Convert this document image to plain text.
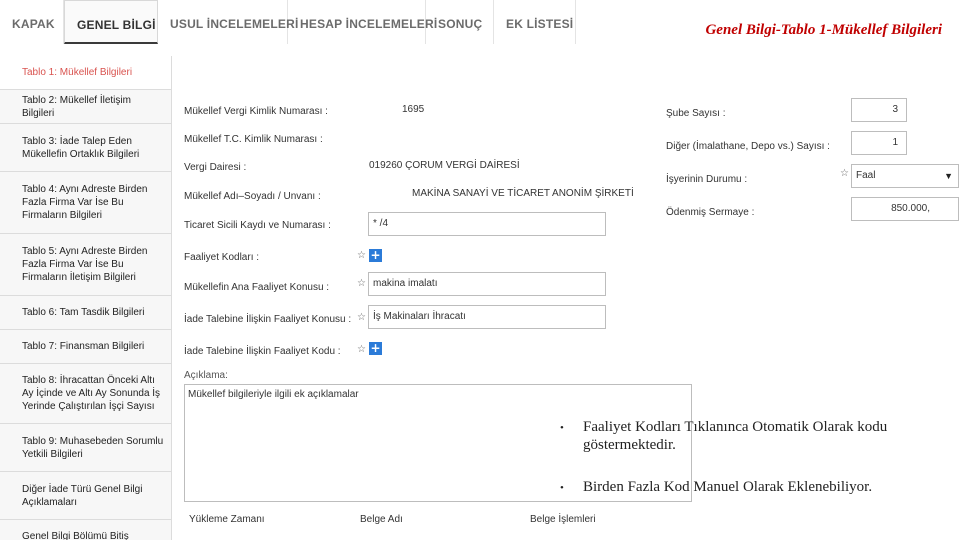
KAPAK	GENEL BİLGİ	USUL İNCELEMELERİ HESAP İNCELEMELERİ SONUÇ	EK LİSTESİ	Genel Bilgi-Tablo 1-Mükellef Bilgileri
Tablo 1: Mükellef Bilgileri
Tablo 2: Mükellef İletişim Bilgileri
Tablo 3: İade Talep Eden Mükellefin Ortaklık Bilgileri
Tablo 4: Aynı Adreste Birden Fazla Firma Var İse Bu Firmaların Bilgileri
Tablo 5: Aynı Adreste Birden Fazla Firma Var İse Bu Firmaların İletişim Bilgileri
Tablo 6: Tam Tasdik Bilgileri
Tablo 7: Finansman Bilgileri
Tablo 8: İhracattan Önceki Altı Ay İçinde ve Altı Ay Sonunda İş Yerinde Çalıştırılan İşçi Sayısı
Tablo 9: Muhasebeden Sorumlu Yetkili Bilgileri
Diğer İade Türü Genel Bilgi Açıklamaları
Genel Bilgi Bölümü Bitiş
Mükellef Vergi Kimlik Numarası :	1695
Mükellef T.C. Kimlik Numarası :
Vergi Dairesi :	019260 ÇORUM VERGİ DAİRESİ
Mükellef Adı–Soyadı / Unvanı :	MAKİNA SANAYİ VE TİCARET ANONİM ŞİRKETİ
Ticaret Sicili Kaydı ve Numarası :	* /4
Faaliyet Kodları :	☆ +
Mükellefin Ana Faaliyet Konusu :	☆ makina imalatı
İade Talebine İlişkin Faaliyet Konusu : ☆ İş Makinaları İhracatı
İade Talebine İlişkin Faaliyet Kodu : ☆ +
Açıklama:
Mükellef bilgileriyle ilgili ek açıklamalar
Yükleme Zamanı	Belge Adı	Belge İşlemleri
Şube Sayısı :	3
Diğer (İmalathane, Depo vs.) Sayısı :	1
İşyerinin Durumu :
☆ Faal	▼
Ödenmiş Sermaye :	850.000,
•	Faaliyet Kodları Tıklanınca Otomatik Olarak kodu göstermektedir.
•	Birden Fazla Kod Manuel Olarak Eklenebiliyor.
